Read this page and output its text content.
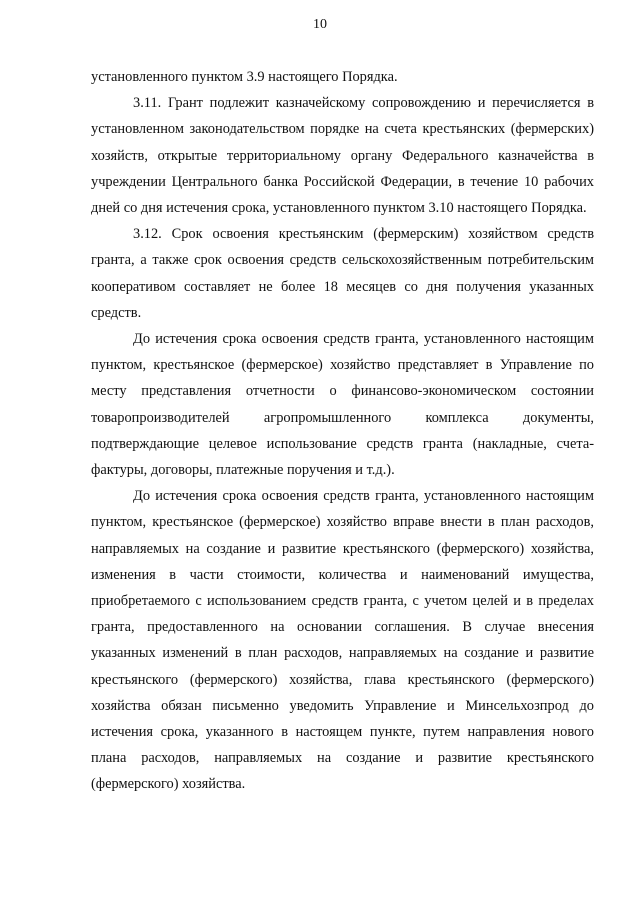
10

установленного пунктом 3.9 настоящего Порядка.

3.11. Грант подлежит казначейскому сопровождению и перечисляется в установленном законодательством порядке на счета крестьянских (фермерских) хозяйств, открытые территориальному органу Федерального казначейства в учреждении Центрального банка Российской Федерации, в течение 10 рабочих дней со дня истечения срока, установленного пунктом 3.10 настоящего Порядка.

3.12. Срок освоения крестьянским (фермерским) хозяйством средств гранта, а также срок освоения средств сельскохозяйственным потребительским кооперативом составляет не более 18 месяцев со дня получения указанных средств.

До истечения срока освоения средств гранта, установленного настоящим пунктом, крестьянское (фермерское) хозяйство представляет в Управление по месту представления отчетности о финансово-экономическом состоянии товаропроизводителей агропромышленного комплекса документы, подтверждающие целевое использование средств гранта (накладные, счета-фактуры, договоры, платежные поручения и т.д.).

До истечения срока освоения средств гранта, установленного настоящим пунктом, крестьянское (фермерское) хозяйство вправе внести в план расходов, направляемых на создание и развитие крестьянского (фермерского) хозяйства, изменения в части стоимости, количества и наименований имущества, приобретаемого с использованием средств гранта, с учетом целей и в пределах гранта, предоставленного на основании соглашения. В случае внесения указанных изменений в план расходов, направляемых на создание и развитие крестьянского (фермерского) хозяйства, глава крестьянского (фермерского) хозяйства обязан письменно уведомить Управление и Минсельхозпрод до истечения срока, указанного в настоящем пункте, путем направления нового плана расходов, направляемых на создание и развитие крестьянского (фермерского) хозяйства.
